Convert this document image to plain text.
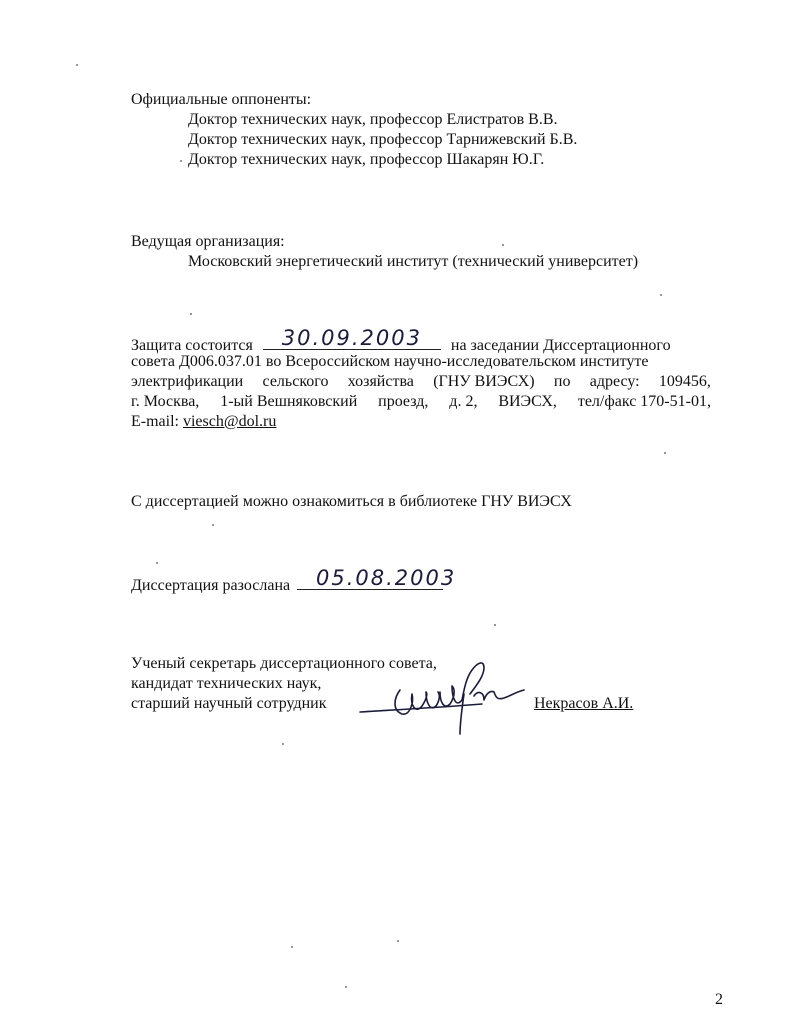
Официальные оппоненты:
Доктор технических наук, профессор Елистратов В.В.
Доктор технических наук, профессор Тарнижевский Б.В.
Доктор технических наук, профессор Шакарян Ю.Г.
Ведущая организация:
Московский энергетический институт (технический университет)
Защита состоится	30.09.2003	на заседании Диссертационного
совета Д006.037.01 во Всероссийском научно-исследовательском институте
электрификации сельского хозяйства (ГНУ ВИЭСХ) по адресу: 109456,
г. Москва, 1-ый Вешняковский проезд, д. 2, ВИЭСХ, тел/факс 170-51-01,
E-mail: viesch@dol.ru
С диссертацией можно ознакомиться в библиотеке ГНУ ВИЭСХ
Диссертация разослана	05.08.2003
Ученый секретарь диссертационного совета,
кандидат технических наук,
старший научный сотрудник	Некрасов А.И.
2
